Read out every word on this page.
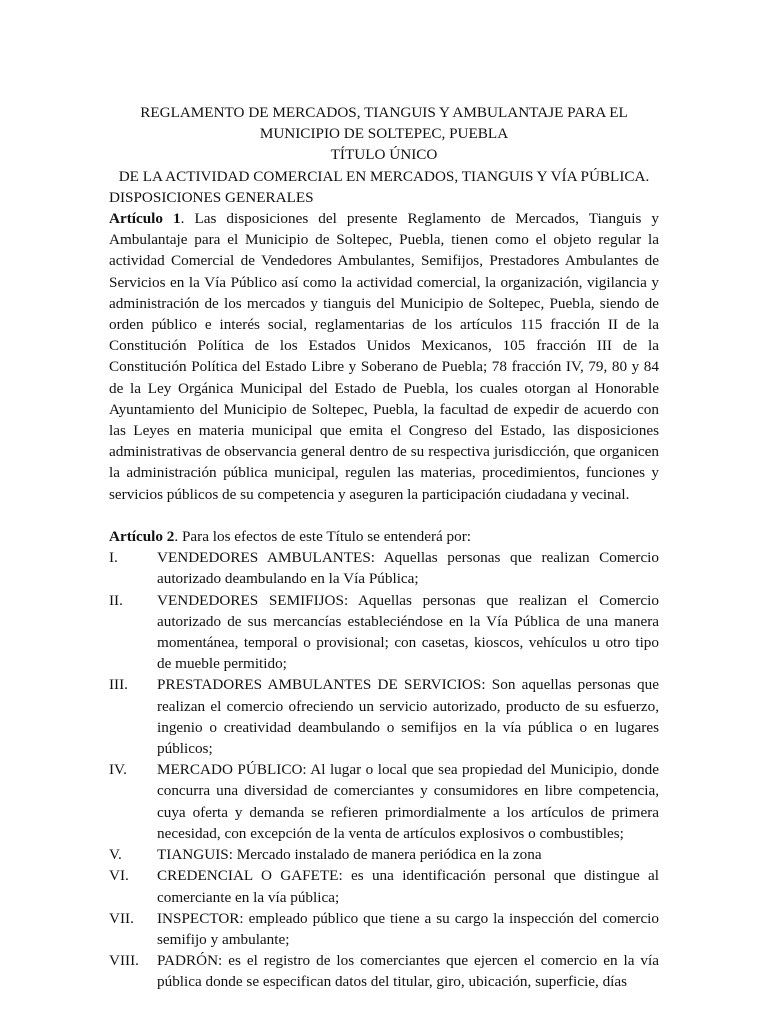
REGLAMENTO DE MERCADOS, TIANGUIS Y AMBULANTAJE PARA EL

MUNICIPIO DE SOLTEPEC, PUEBLA

TÍTULO ÚNICO

DE LA ACTIVIDAD COMERCIAL EN MERCADOS, TIANGUIS Y VÍA PÚBLICA.

DISPOSICIONES GENERALES

Artículo 1. Las disposiciones del presente Reglamento de Mercados, Tianguis y Ambulantaje para el Municipio de Soltepec, Puebla, tienen como el objeto regular la actividad Comercial de Vendedores Ambulantes, Semifijos, Prestadores Ambulantes de Servicios en la Vía Público así como la actividad comercial, la organización, vigilancia y administración de los mercados y tianguis del Municipio de Soltepec, Puebla, siendo de orden público e interés social, reglamentarias de los artículos 115 fracción II de la Constitución Política de los Estados Unidos Mexicanos, 105 fracción III de la Constitución Política del Estado Libre y Soberano de Puebla; 78 fracción IV, 79, 80 y 84 de la Ley Orgánica Municipal del Estado de Puebla, los cuales otorgan al Honorable Ayuntamiento del Municipio de Soltepec, Puebla, la facultad de expedir de acuerdo con las Leyes en materia municipal que emita el Congreso del Estado, las disposiciones administrativas de observancia general dentro de su respectiva jurisdicción, que organicen la administración pública municipal, regulen las materias, procedimientos, funciones y servicios públicos de su competencia y aseguren la participación ciudadana y vecinal.

Artículo 2. Para los efectos de este Título se entenderá por:

I.	VENDEDORES AMBULANTES: Aquellas personas que realizan Comercio autorizado deambulando en la Vía Pública;
II.	VENDEDORES SEMIFIJOS: Aquellas personas que realizan el Comercio autorizado de sus mercancías estableciéndose en la Vía Pública de una manera momentánea, temporal o provisional; con casetas, kioscos, vehículos u otro tipo de mueble permitido;
III.	PRESTADORES AMBULANTES DE SERVICIOS: Son aquellas personas que realizan el comercio ofreciendo un servicio autorizado, producto de su esfuerzo, ingenio o creatividad deambulando o semifijos en la vía pública o en lugares públicos;
IV.	MERCADO PÚBLICO: Al lugar o local que sea propiedad del Municipio, donde concurra una diversidad de comerciantes y consumidores en libre competencia, cuya oferta y demanda se refieren primordialmente a los artículos de primera necesidad, con excepción de la venta de artículos explosivos o combustibles;
V.	TIANGUIS: Mercado instalado de manera periódica en la zona
VI.	CREDENCIAL O GAFETE: es una identificación personal que distingue al comerciante en la vía pública;
VII.	INSPECTOR: empleado público que tiene a su cargo la inspección del comercio semifijo y ambulante;
VIII.	PADRÓN: es el registro de los comerciantes que ejercen el comercio en la vía pública donde se especifican datos del titular, giro, ubicación, superficie, días
